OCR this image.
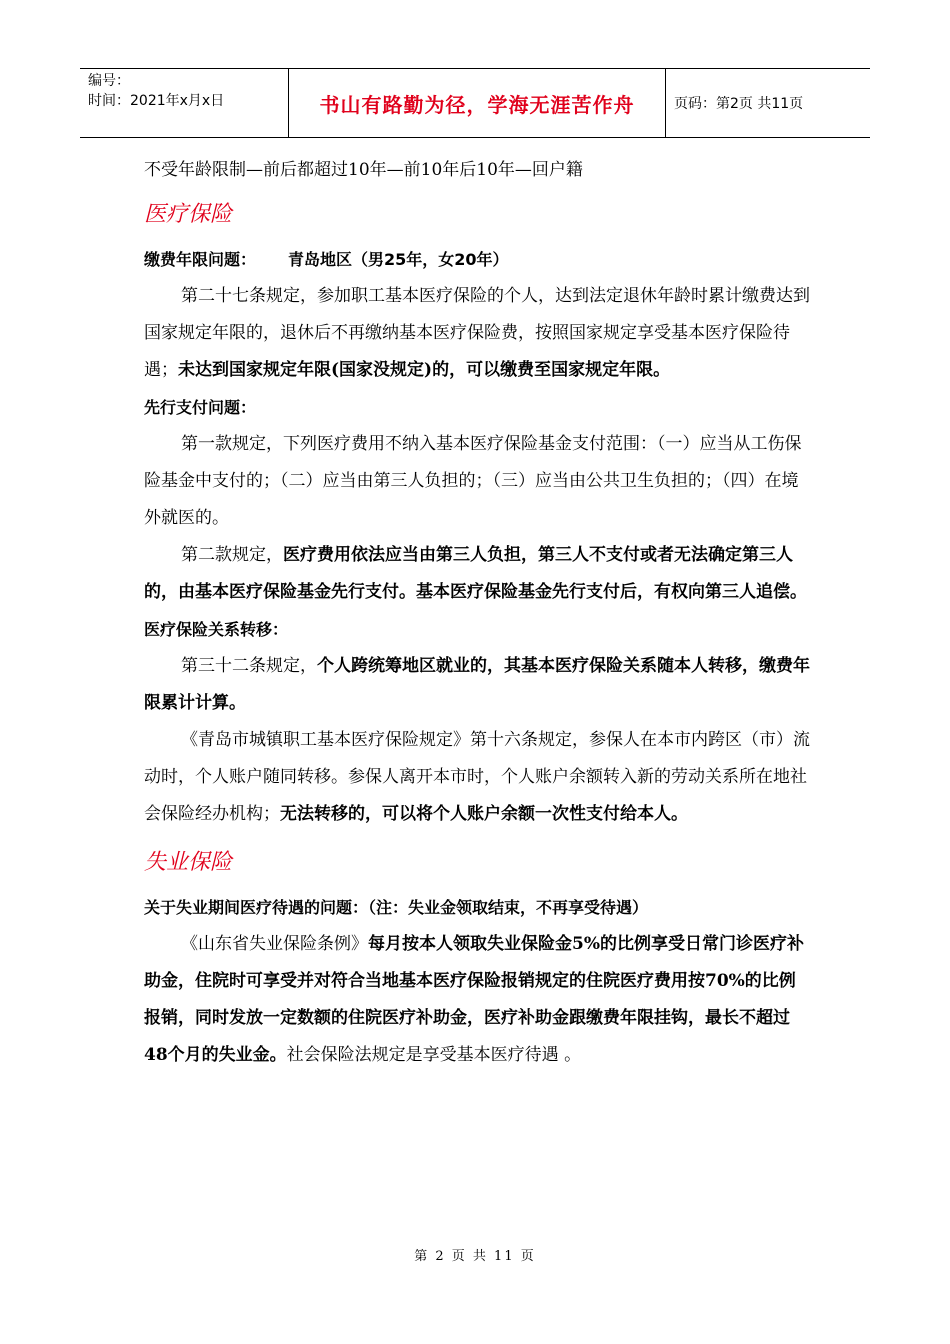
编号：
时间：2021年x月x日	书山有路勤为径，学海无涯苦作舟	页码：第2页 共11页

不受年龄限制—前后都超过10年—前10年后10年—回户籍

医疗保险

缴费年限问题： 青岛地区（男25年，女20年）

第二十七条规定，参加职工基本医疗保险的个人，达到法定退休年龄时累计缴费达到国家规定年限的，退休后不再缴纳基本医疗保险费，按照国家规定享受基本医疗保险待遇；未达到国家规定年限(国家没规定)的，可以缴费至国家规定年限。

先行支付问题：

第一款规定，下列医疗费用不纳入基本医疗保险基金支付范围：（一）应当从工伤保险基金中支付的；（二）应当由第三人负担的；（三）应当由公共卫生负担的；（四）在境外就医的。

第二款规定，医疗费用依法应当由第三人负担，第三人不支付或者无法确定第三人的，由基本医疗保险基金先行支付。基本医疗保险基金先行支付后，有权向第三人追偿。

医疗保险关系转移：

第三十二条规定，个人跨统筹地区就业的，其基本医疗保险关系随本人转移，缴费年限累计计算。

《青岛市城镇职工基本医疗保险规定》第十六条规定，参保人在本市内跨区（市）流动时，个人账户随同转移。参保人离开本市时，个人账户余额转入新的劳动关系所在地社会保险经办机构；无法转移的，可以将个人账户余额一次性支付给本人。

失业保险

关于失业期间医疗待遇的问题：（注：失业金领取结束，不再享受待遇）

《山东省失业保险条例》每月按本人领取失业保险金5%的比例享受日常门诊医疗补助金，住院时可享受并对符合当地基本医疗保险报销规定的住院医疗费用按70%的比例报销，同时发放一定数额的住院医疗补助金，医疗补助金跟缴费年限挂钩，最长不超过48个月的失业金。社会保险法规定是享受基本医疗待遇 。

第 2 页 共 11 页
